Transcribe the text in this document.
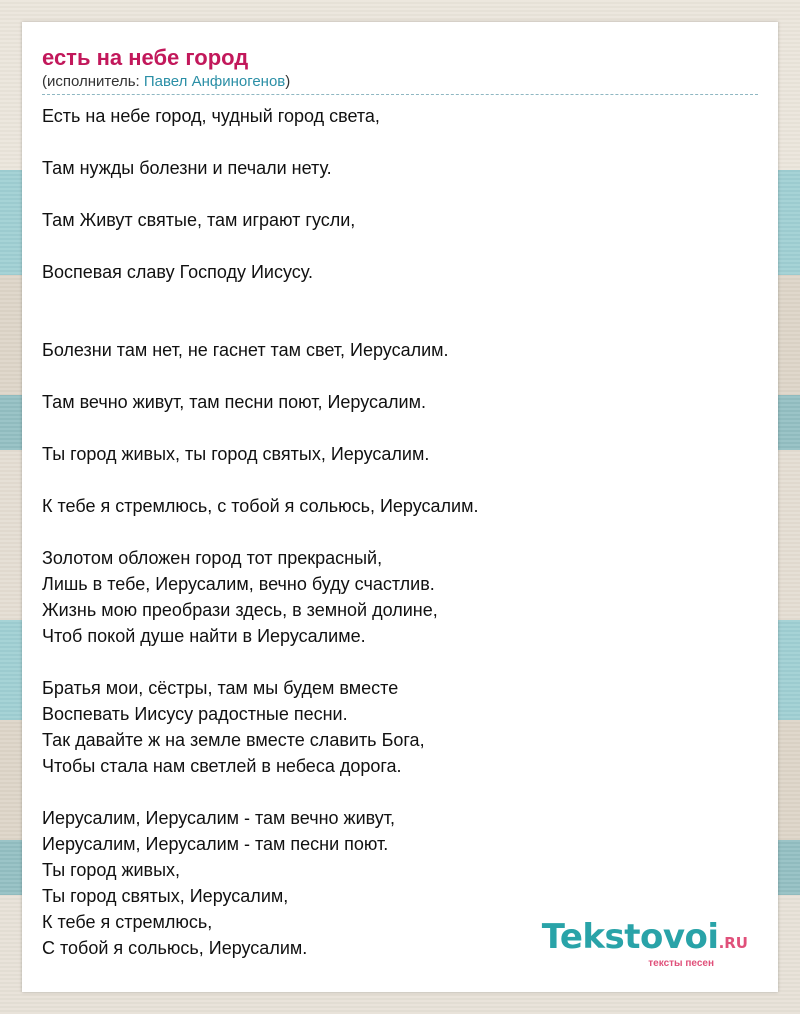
есть на небе город
(исполнитель: Павел Анфиногенов)
Есть на небе город, чудный город света,
Там нужды болезни и печали нету.
Там Живут святые, там играют гусли,
Воспевая славу Господу Иисусу.
Болезни там нет, не гаснет там свет, Иерусалим.
Там вечно живут, там песни поют, Иерусалим.
Ты город живых, ты город святых, Иерусалим.
К тебе я стремлюсь, с тобой я сольюсь, Иерусалим.
Золотом обложен город тот прекрасный,
Лишь в тебе, Иерусалим, вечно буду счастлив.
Жизнь мою преобрази здесь, в земной долине,
Чтоб покой душе найти в Иерусалиме.
Братья мои, сёстры, там мы будем вместе
Воспевать Иисусу радостные песни.
Так давайте ж на земле вместе славить Бога,
Чтобы стала нам светлей в небеса дорога.
Иерусалим, Иерусалим - там вечно живут,
Иерусалим, Иерусалим - там песни поют.
Ты город живых,
Ты город святых, Иерусалим,
К тебе я стремлюсь,
С тобой я сольюсь, Иерусалим.	Tekstovoi.RU
тексты песен
